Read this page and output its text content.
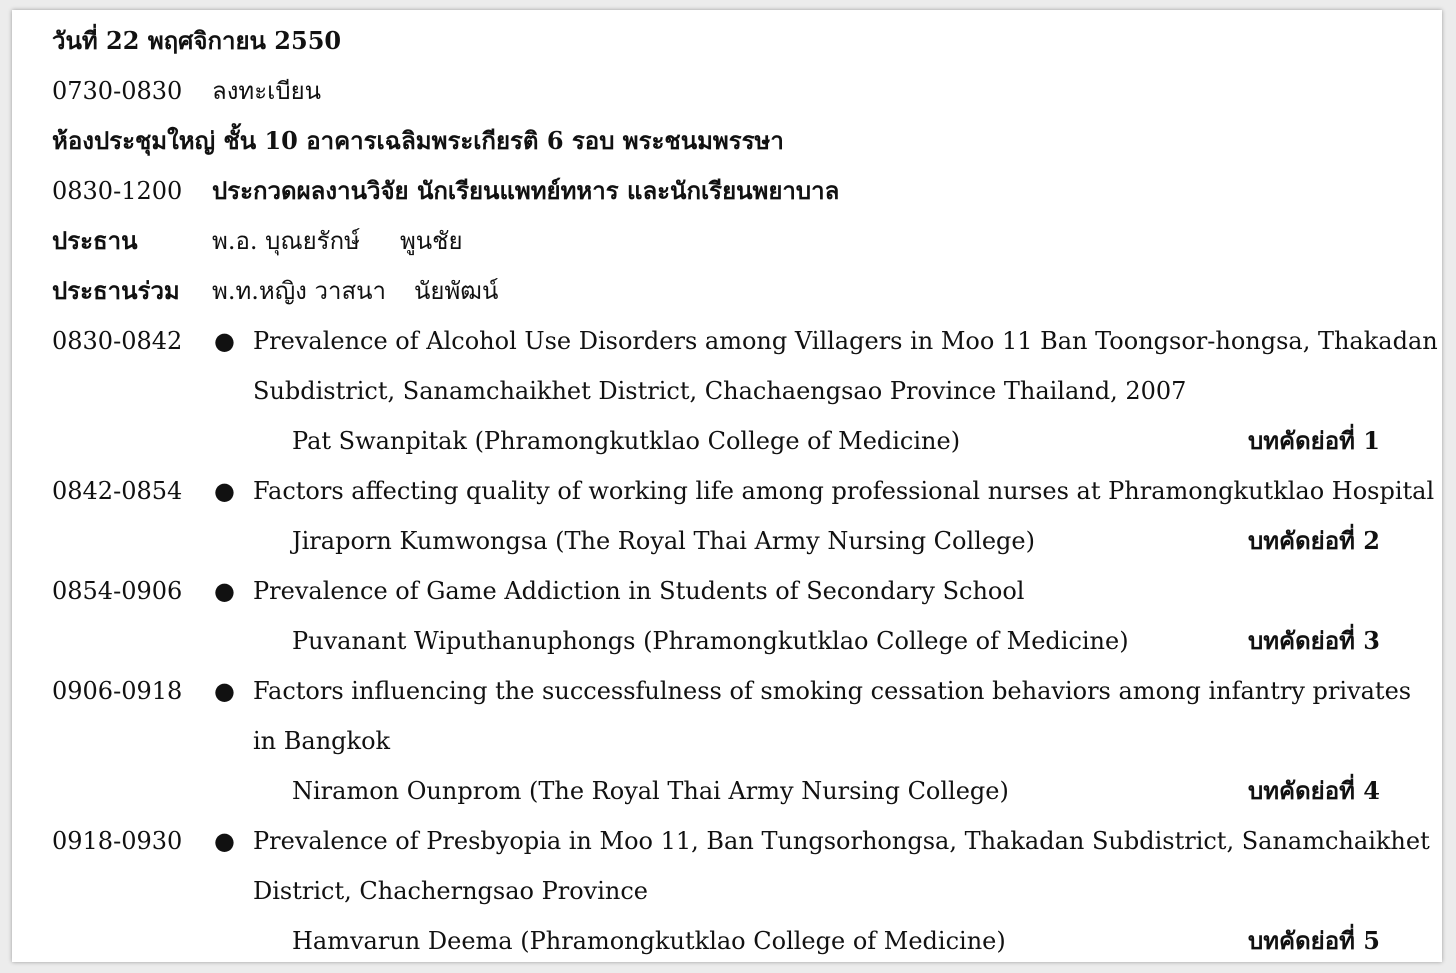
วันที่ 22 พฤศจิกายน 2550
0730-0830 ลงทะเบียน
ห้องประชุมใหญ่ ชั้น 10 อาคารเฉลิมพระเกียรติ 6 รอบ พระชนมพรรษา
0830-1200 ประกวดผลงานวิจัย นักเรียนแพทย์ทหาร และนักเรียนพยาบาล
ประธาน	พ.อ. บุณยรักษ์ พูนชัย
ประธานร่วม พ.ท.หญิง วาสนา นัยพัฒน์
0830-0842 ● Prevalence of Alcohol Use Disorders among Villagers in Moo 11 Ban Toongsor-hongsa, Thakadan
Subdistrict, Sanamchaikhet District, Chachaengsao Province Thailand, 2007
Pat Swanpitak (Phramongkutklao College of Medicine)	บทคัดย่อที่ 1
0842-0854 ● Factors affecting quality of working life among professional nurses at Phramongkutklao Hospital
Jiraporn Kumwongsa (The Royal Thai Army Nursing College)	บทคัดย่อที่ 2
0854-0906 ● Prevalence of Game Addiction in Students of Secondary School
Puvanant Wiputhanuphongs (Phramongkutklao College of Medicine)	บทคัดย่อที่ 3
0906-0918 ● Factors influencing the successfulness of smoking cessation behaviors among infantry privates
in Bangkok
Niramon Ounprom (The Royal Thai Army Nursing College)	บทคัดย่อที่ 4
0918-0930 ● Prevalence of Presbyopia in Moo 11, Ban Tungsorhongsa, Thakadan Subdistrict, Sanamchaikhet
District, Chacherngsao Province
Hamvarun Deema (Phramongkutklao College of Medicine)	บทคัดย่อที่ 5
